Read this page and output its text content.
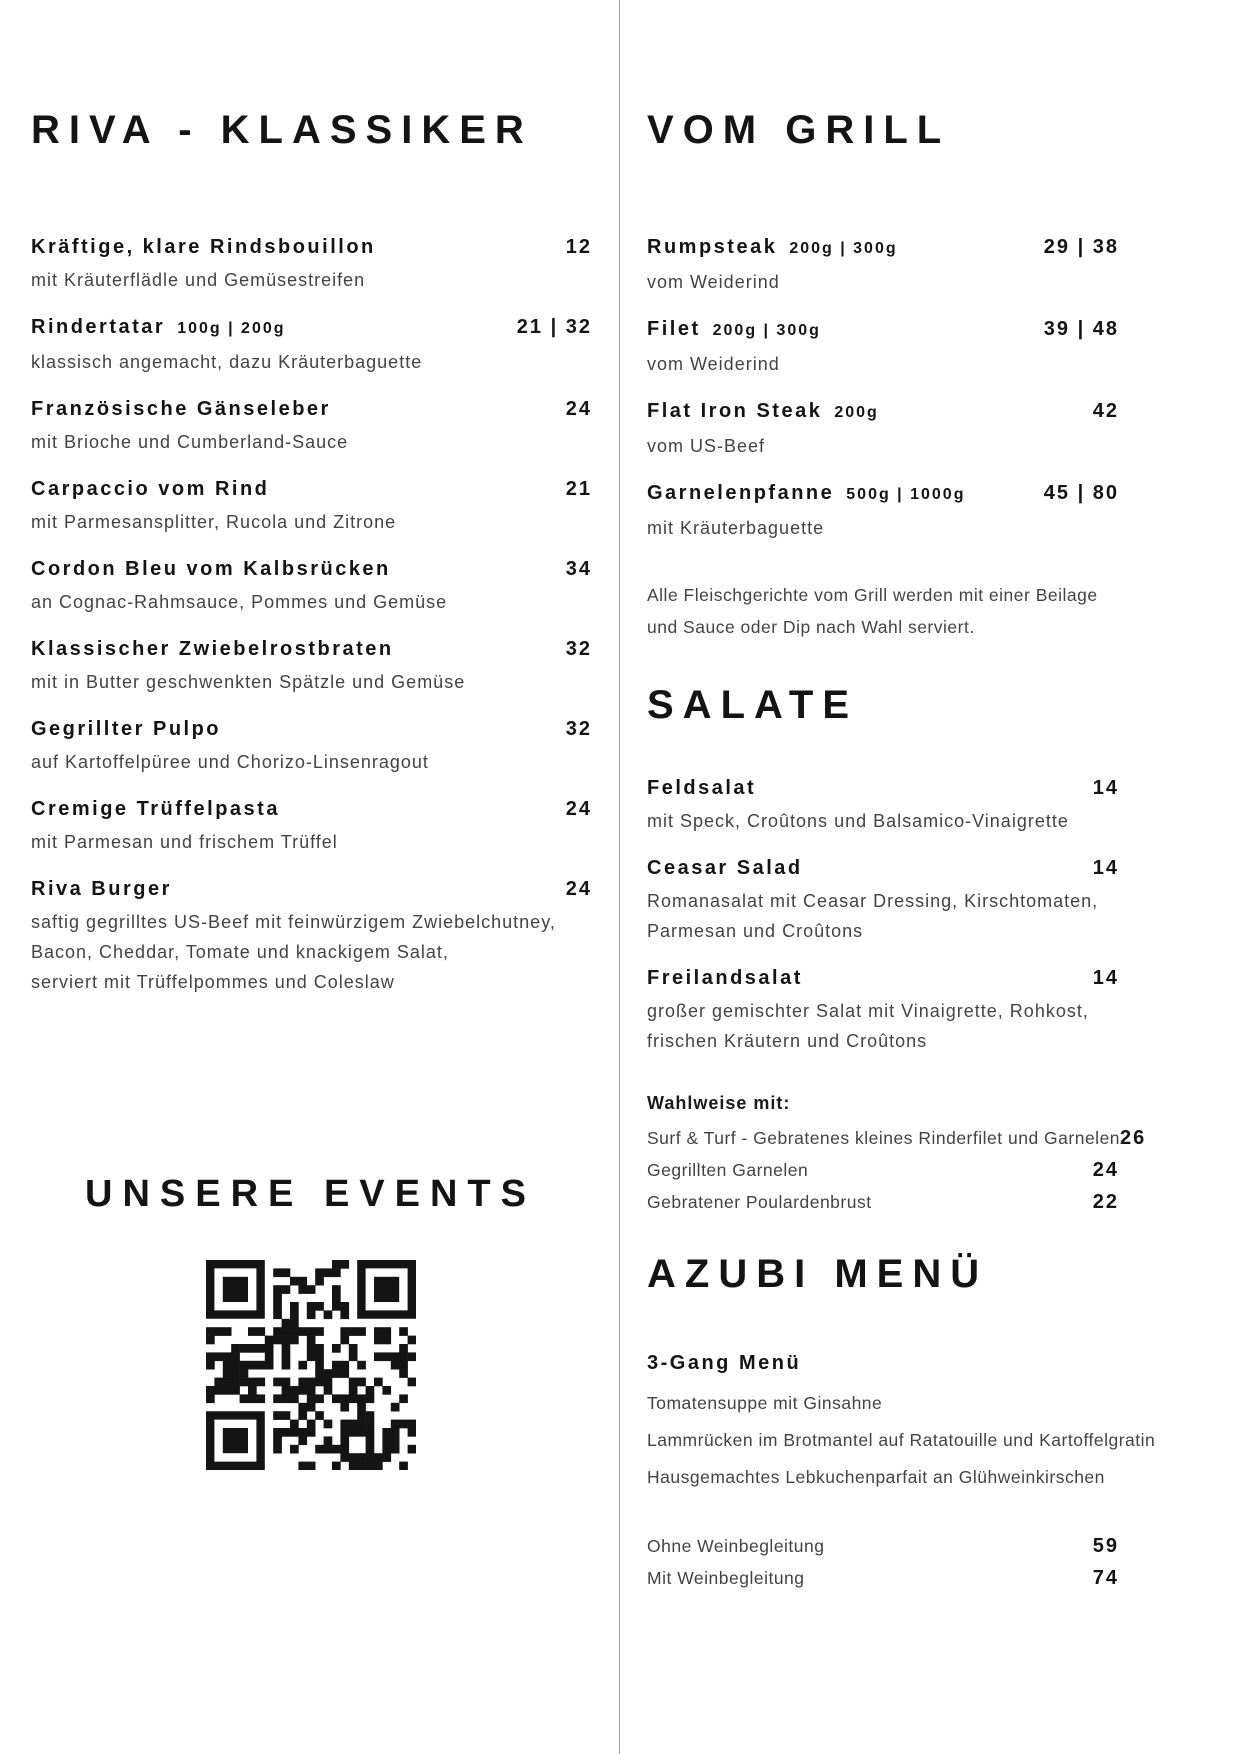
RIVA - KLASSIKER
Kräftige, klare Rindsbouillon	12
mit Kräuterflädle und Gemüsestreifen
Rindertatar 100g | 200g	21 | 32
klassisch angemacht, dazu Kräuterbaguette
Französische Gänseleber	24
mit Brioche und Cumberland-Sauce
Carpaccio vom Rind	21
mit Parmesansplitter, Rucola und Zitrone
Cordon Bleu vom Kalbsrücken	34
an Cognac-Rahmsauce, Pommes und Gemüse
Klassischer Zwiebelrostbraten	32
mit in Butter geschwenkten Spätzle und Gemüse
Gegrillter Pulpo	32
auf Kartoffelpüree und Chorizo-Linsenragout
Cremige Trüffelpasta	24
mit Parmesan und frischem Trüffel
Riva Burger	24
saftig gegrilltes US-Beef mit feinwürzigem Zwiebelchutney,
Bacon, Cheddar, Tomate und knackigem Salat,
serviert mit Trüffelpommes und Coleslaw
UNSERE EVENTS
VOM GRILL
Rumpsteak 200g | 300g	29 | 38
vom Weiderind
Filet 200g | 300g	39 | 48
vom Weiderind
Flat Iron Steak 200g	42
vom US-Beef
Garnelenpfanne 500g | 1000g	45 | 80
mit Kräuterbaguette
Alle Fleischgerichte vom Grill werden mit einer Beilage
und Sauce oder Dip nach Wahl serviert.
SALATE
Feldsalat	14
mit Speck, Croûtons und Balsamico-Vinaigrette
Ceasar Salad	14
Romanasalat mit Ceasar Dressing, Kirschtomaten,
Parmesan und Croûtons
Freilandsalat	14
großer gemischter Salat mit Vinaigrette, Rohkost,
frischen Kräutern und Croûtons
Wahlweise mit:
Surf & Turf - Gebratenes kleines Rinderfilet und Garnelen 26
Gegrillten Garnelen	24
Gebratener Poulardenbrust	22
AZUBI MENÜ
3-Gang Menü
Tomatensuppe mit Ginsahne
Lammrücken im Brotmantel auf Ratatouille und Kartoffelgratin
Hausgemachtes Lebkuchenparfait an Glühweinkirschen
Ohne Weinbegleitung	59
Mit Weinbegleitung	74
